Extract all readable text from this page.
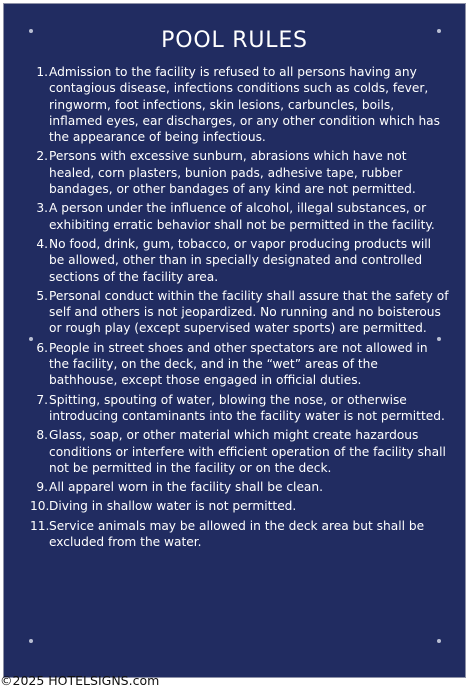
POOL RULES
1. Admission to the facility is refused to all persons having any contagious disease, infections conditions such as colds, fever, ringworm, foot infections, skin lesions, carbuncles, boils, inflamed eyes, ear discharges, or any other condition which has the appearance of being infectious.
2. Persons with excessive sunburn, abrasions which have not healed, corn plasters, bunion pads, adhesive tape, rubber bandages, or other bandages of any kind are not permitted.
3. A person under the influence of alcohol, illegal substances, or exhibiting erratic behavior shall not be permitted in the facility.
4. No food, drink, gum, tobacco, or vapor producing products will be allowed, other than in specially designated and controlled sections of the facility area.
5. Personal conduct within the facility shall assure that the safety of self and others is not jeopardized. No running and no boisterous or rough play (except supervised water sports) are permitted.
6. People in street shoes and other spectators are not allowed in the facility, on the deck, and in the “wet” areas of the bathhouse, except those engaged in official duties.
7. Spitting, spouting of water, blowing the nose, or otherwise introducing contaminants into the facility water is not permitted.
8. Glass, soap, or other material which might create hazardous conditions or interfere with efficient operation of the facility shall not be permitted in the facility or on the deck.
9. All apparel worn in the facility shall be clean.
10. Diving in shallow water is not permitted.
11. Service animals may be allowed in the deck area but shall be excluded from the water.
©2025 HOTELSIGNS.com
